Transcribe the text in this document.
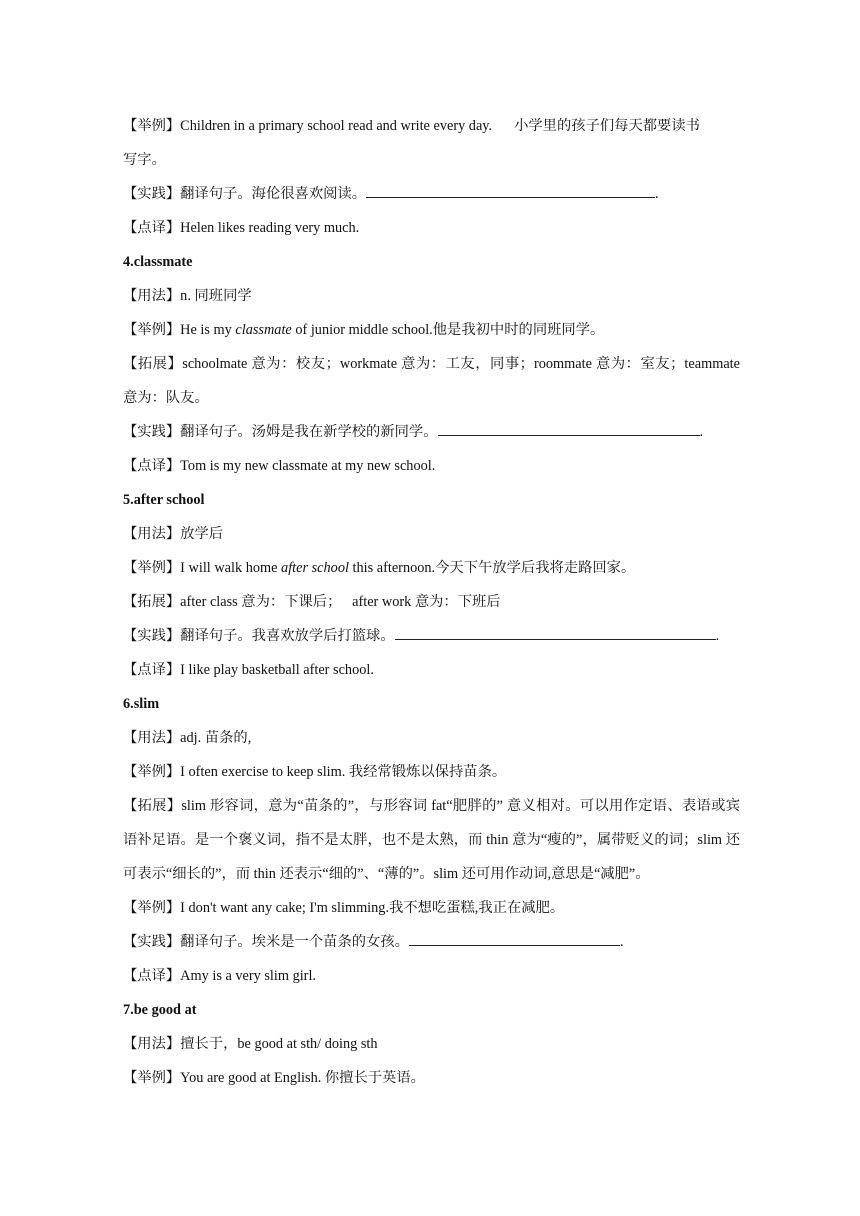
【举例】Children in a primary school read and write every day. 小学里的孩子们每天都要读书
写字。
【实践】翻译句子。海伦很喜欢阅读。	.
【点译】Helen likes reading very much.
4.classmate
【用法】n. 同班同学
【举例】He is my classmate of junior middle school.他是我初中时的同班同学。
【拓展】schoolmate 意为：校友；workmate 意为：工友，同事；roommate 意为：室友；teammate 意为：队友。
【实践】翻译句子。汤姆是我在新学校的新同学。	.
【点译】Tom is my new classmate at my new school.
5.after school
【用法】放学后
【举例】I will walk home after school this afternoon.今天下午放学后我将走路回家。
【拓展】after class 意为：下课后；   after work 意为：下班后
【实践】翻译句子。我喜欢放学后打篮球。	.
【点译】I like play basketball after school.
6.slim
【用法】adj. 苗条的,
【举例】I often exercise to keep slim. 我经常锻炼以保持苗条。
【拓展】slim 形容词，意为“苗条的”，与形容词 fat“肥胖的” 意义相对。可以用作定语、表语或宾语补足语。是一个褒义词，指不是太胖，也不是太熟，而 thin 意为“瘦的”，属带贬义的词；slim 还可表示“细长的”，而 thin 还表示“细的”、“薄的”。slim 还可用作动词,意思是“减肥”。
【举例】I don't want any cake; I'm slimming.我不想吃蛋糕,我正在减肥。
【实践】翻译句子。埃米是一个苗条的女孩。	.
【点译】Amy is a very slim girl.
7.be good at
【用法】擅长于，be good at sth/ doing sth
【举例】You are good at English. 你擅长于英语。
